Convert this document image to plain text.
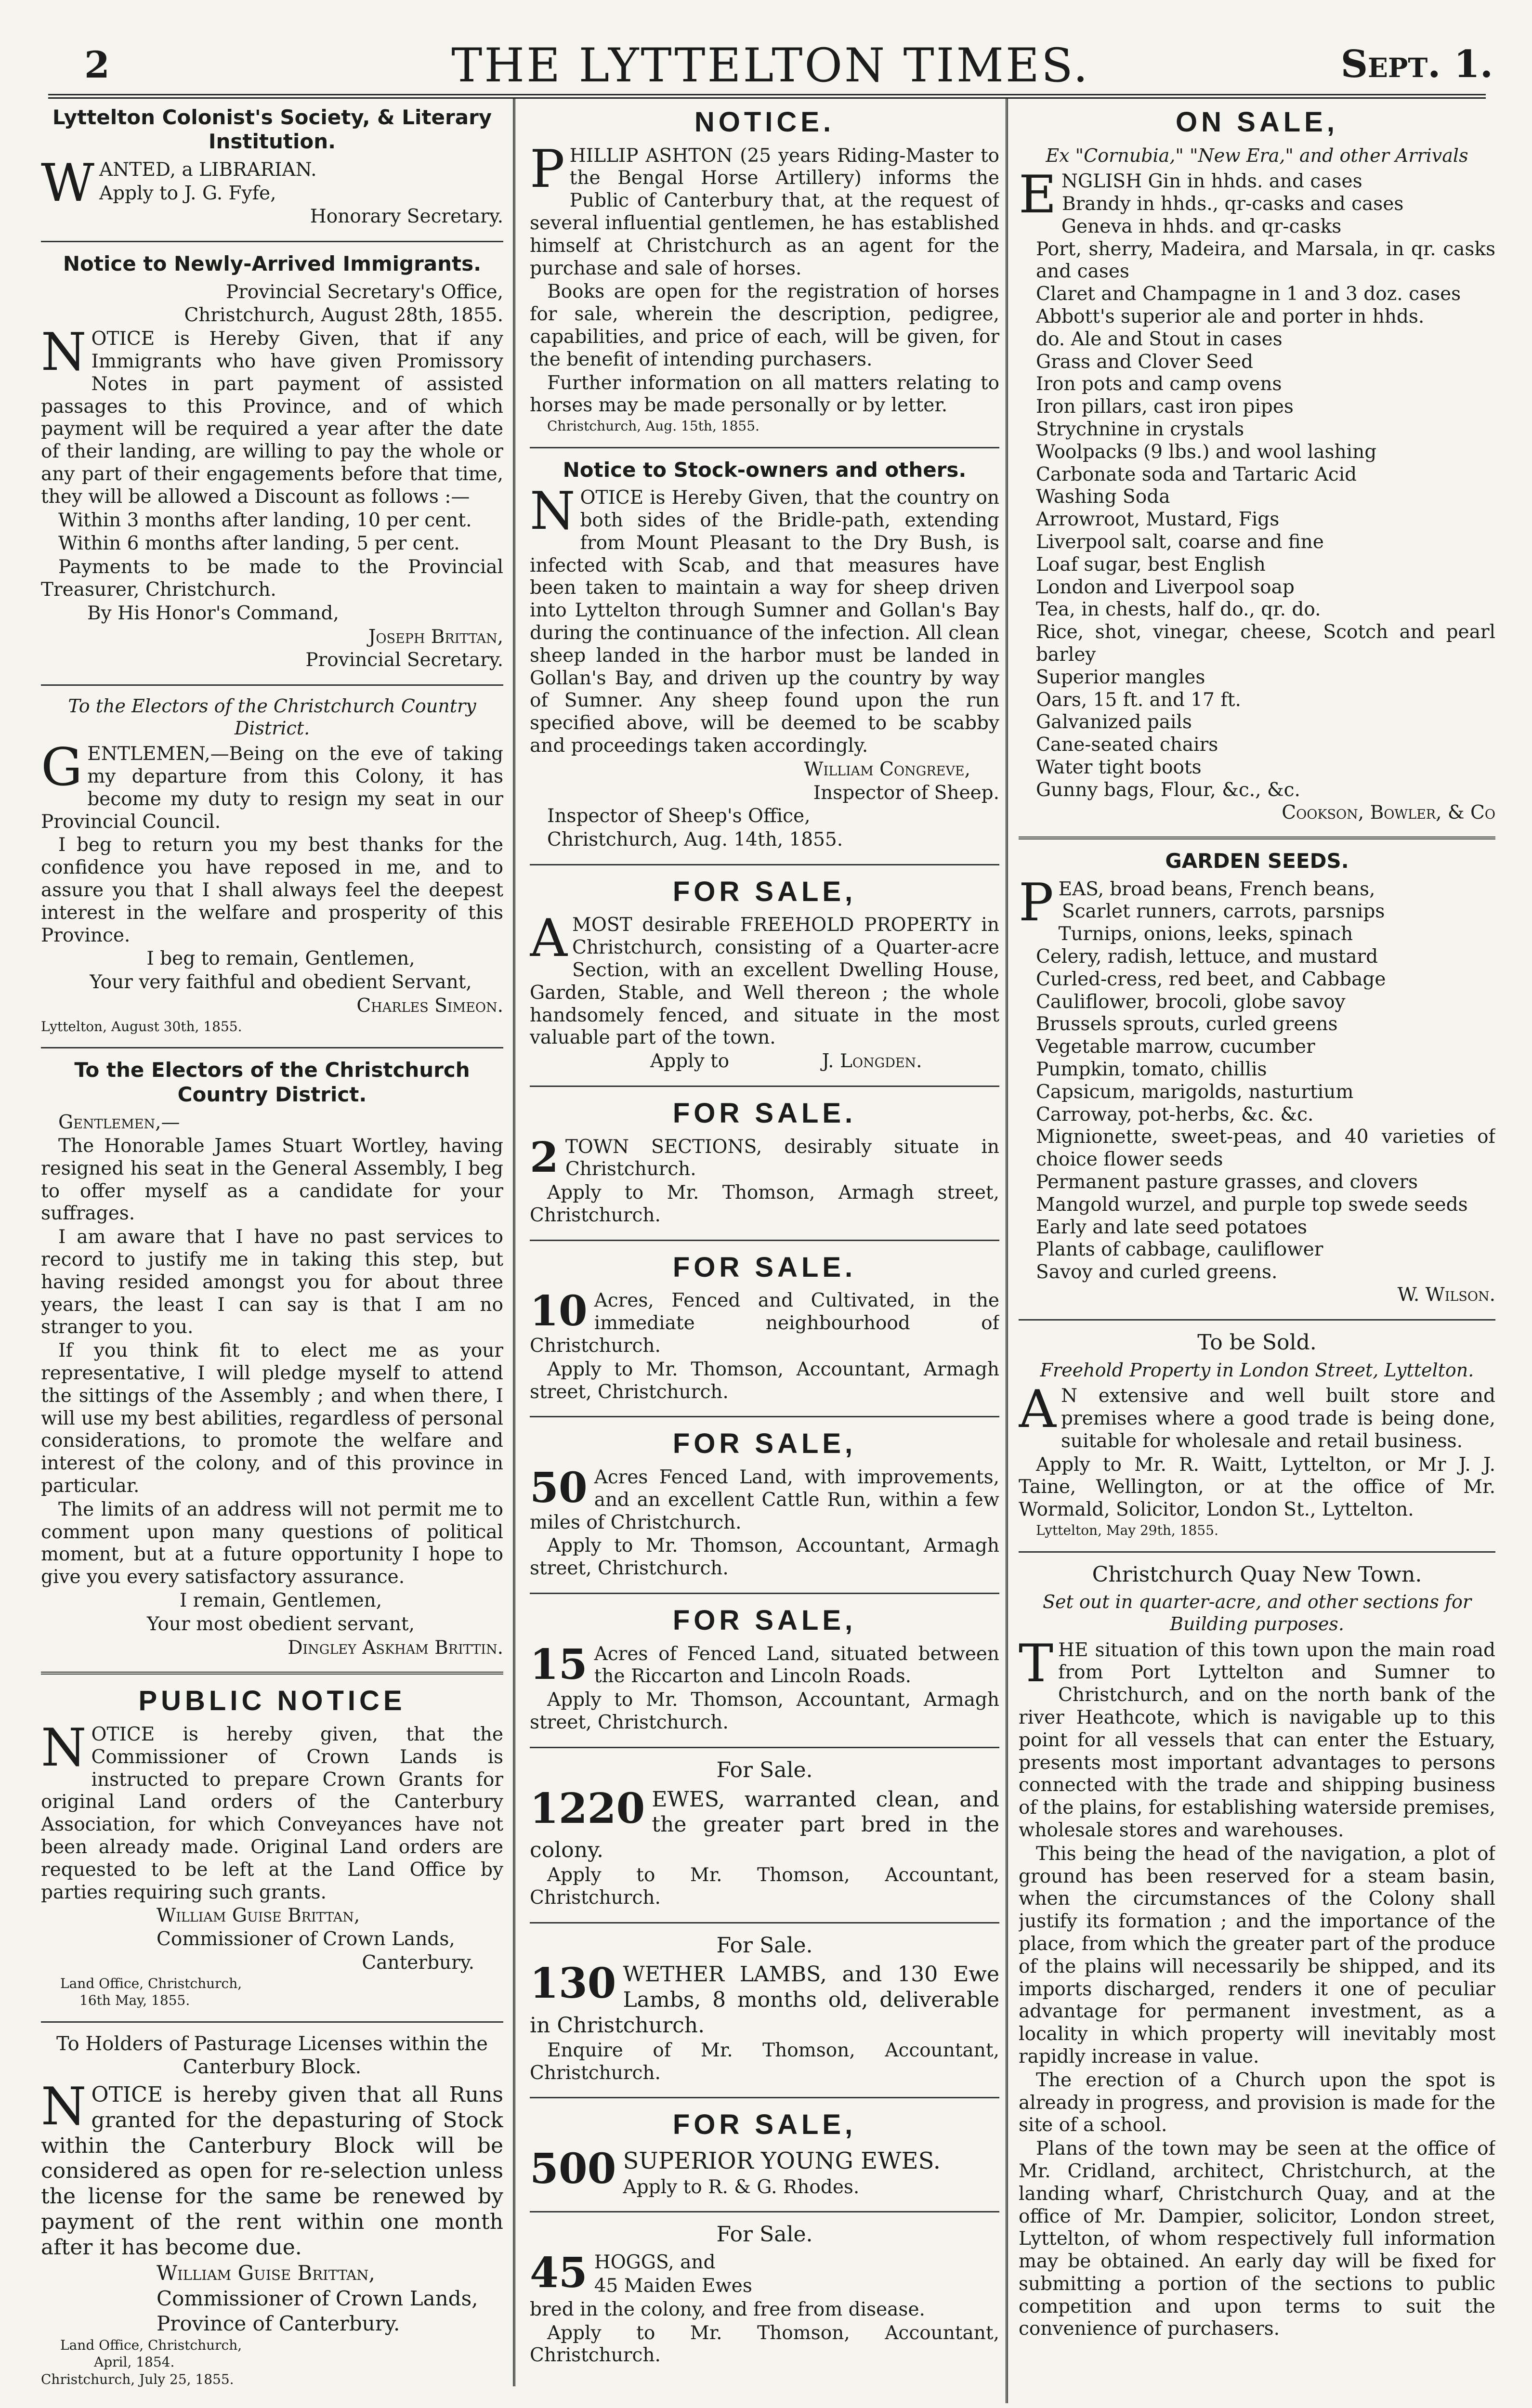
2	THE LYTTELTON TIMES.	Sept. 1.
Lyttelton Colonist's Society, & Literary Institution.
W ANTED, a LIBRARIAN.

Apply to J. G. Fyfe,

Honorary Secretary.

Notice to Newly-Arrived Immigrants.

Provincial Secretary's Office,

Christchurch, August 28th, 1855.

N OTICE is Hereby Given, that if any Immigrants who have given Promissory Notes in part payment of assisted passages to this Province, and of which payment will be required a year after the date of their landing, are willing to pay the whole or any part of their engagements before that time, they will be allowed a Discount as follows :—

Within 3 months after landing, 10 per cent.

Within 6 months after landing, 5 per cent.

Payments to be made to the Provincial Treasurer, Christchurch.

By His Honor's Command,

Joseph Brittan,

Provincial Secretary.

To the Electors of the Christchurch Country District.
G ENTLEMEN,—Being on the eve of taking my departure from this Colony, it has become my duty to resign my seat in our Provincial Council.

I beg to return you my best thanks for the confidence you have reposed in me, and to assure you that I shall always feel the deepest interest in the welfare and prosperity of this Province.

I beg to remain, Gentlemen,

Your very faithful and obedient Servant,

Charles Simeon.

Lyttelton, August 30th, 1855.

To the Electors of the Christchurch Country District.

Gentlemen,—

The Honorable James Stuart Wortley, having resigned his seat in the General Assembly, I beg to offer myself as a candidate for your suffrages.

I am aware that I have no past services to record to justify me in taking this step, but having resided amongst you for about three years, the least I can say is that I am no stranger to you.

If you think fit to elect me as your representative, I will pledge myself to attend the sittings of the Assembly ; and when there, I will use my best abilities, regardless of personal considerations, to promote the welfare and interest of the colony, and of this province in particular.

The limits of an address will not permit me to comment upon many questions of political moment, but at a future opportunity I hope to give you every satisfactory assurance.

I remain, Gentlemen,

Your most obedient servant,

Dingley Askham Brittin.

PUBLIC NOTICE
N OTICE is hereby given, that the Commissioner of Crown Lands is instructed to prepare Crown Grants for original Land orders of the Canterbury Association, for which Conveyances have not been already made. Original Land orders are requested to be left at the Land Office by parties requiring such grants.

William Guise Brittan,

Commissioner of Crown Lands,

Canterbury.

Land Office, Christchurch,

16th May, 1855.

To Holders of Pasturage Licenses within the Canterbury Block.
N OTICE is hereby given that all Runs granted for the depasturing of Stock within the Canterbury Block will be considered as open for re-selection unless the license for the same be renewed by payment of the rent within one month after it has become due.

William Guise Brittan,

Commissioner of Crown Lands,

Province of Canterbury.

Land Office, Christchurch,

April, 1854.

Christchurch, July 25, 1855.

NOTICE.
P HILLIP ASHTON (25 years Riding-Master to the Bengal Horse Artillery) informs the Public of Canterbury that, at the request of several influential gentlemen, he has established himself at Christchurch as an agent for the purchase and sale of horses.

Books are open for the registration of horses for sale, wherein the description, pedigree, capabilities, and price of each, will be given, for the benefit of intending purchasers.

Further information on all matters relating to horses may be made personally or by letter.

Christchurch, Aug. 15th, 1855.

Notice to Stock-owners and others.
N OTICE is Hereby Given, that the country on both sides of the Bridle-path, extending from Mount Pleasant to the Dry Bush, is infected with Scab, and that measures have been taken to maintain a way for sheep driven into Lyttelton through Sumner and Gollan's Bay during the continuance of the infection. All clean sheep landed in the harbor must be landed in Gollan's Bay, and driven up the country by way of Sumner. Any sheep found upon the run specified above, will be deemed to be scabby and proceedings taken accordingly.

William Congreve,

Inspector of Sheep.

Inspector of Sheep's Office,

Christchurch, Aug. 14th, 1855.

FOR SALE,
A MOST desirable FREEHOLD PROPERTY in Christchurch, consisting of a Quarter-acre Section, with an excellent Dwelling House, Garden, Stable, and Well thereon ; the whole handsomely fenced, and situate in the most valuable part of the town.

Apply to	J. Longden.

FOR SALE.
2 TOWN SECTIONS, desirably situate in Christchurch.

Apply to Mr. Thomson, Armagh street, Christchurch.

FOR SALE.
10 Acres, Fenced and Cultivated, in the immediate neighbourhood of Christchurch.

Apply to Mr. Thomson, Accountant, Armagh street, Christchurch.

FOR SALE,
50 Acres Fenced Land, with improvements, and an excellent Cattle Run, within a few miles of Christchurch.

Apply to Mr. Thomson, Accountant, Armagh street, Christchurch.

FOR SALE,
15 Acres of Fenced Land, situated between the Riccarton and Lincoln Roads.

Apply to Mr. Thomson, Accountant, Armagh street, Christchurch.

For Sale.
1220 EWES, warranted clean, and the greater part bred in the colony.

Apply to Mr. Thomson, Accountant, Christchurch.

For Sale.
130 WETHER LAMBS, and 130 Ewe Lambs, 8 months old, deliverable in Christchurch.

Enquire of Mr. Thomson, Accountant, Christchurch.

FOR SALE,
500 SUPERIOR YOUNG EWES.

Apply to R. & G. Rhodes.

For Sale.
45 HOGGS, and

45 Maiden Ewes

bred in the colony, and free from disease.

Apply to Mr. Thomson, Accountant, Christchurch.

ON SALE,
Ex "Cornubia," "New Era," and other Arrivals
E NGLISH Gin in hhds. and cases

Brandy in hhds., qr-casks and cases

Geneva in hhds. and qr-casks

Port, sherry, Madeira, and Marsala, in qr. casks and cases

Claret and Champagne in 1 and 3 doz. cases

Abbott's superior ale and porter in hhds.

do. Ale and Stout in cases

Grass and Clover Seed

Iron pots and camp ovens

Iron pillars, cast iron pipes

Strychnine in crystals

Woolpacks (9 lbs.) and wool lashing

Carbonate soda and Tartaric Acid

Washing Soda

Arrowroot, Mustard, Figs

Liverpool salt, coarse and fine

Loaf sugar, best English

London and Liverpool soap

Tea, in chests, half do., qr. do.

Rice, shot, vinegar, cheese, Scotch and pearl barley

Superior mangles

Oars, 15 ft. and 17 ft.

Galvanized pails

Cane-seated chairs

Water tight boots

Gunny bags, Flour, &c., &c.

Cookson, Bowler, & Co

GARDEN SEEDS.
P EAS, broad beans, French beans,

Scarlet runners, carrots, parsnips

Turnips, onions, leeks, spinach

Celery, radish, lettuce, and mustard

Curled-cress, red beet, and Cabbage

Cauliflower, brocoli, globe savoy

Brussels sprouts, curled greens

Vegetable marrow, cucumber

Pumpkin, tomato, chillis

Capsicum, marigolds, nasturtium

Carroway, pot-herbs, &c. &c.

Mignionette, sweet-peas, and 40 varieties of choice flower seeds

Permanent pasture grasses, and clovers

Mangold wurzel, and purple top swede seeds

Early and late seed potatoes

Plants of cabbage, cauliflower

Savoy and curled greens.

W. Wilson.

To be Sold.
Freehold Property in London Street, Lyttelton.
A N extensive and well built store and premises where a good trade is being done, suitable for wholesale and retail business.

Apply to Mr. R. Waitt, Lyttelton, or Mr J. J. Taine, Wellington, or at the office of Mr. Wormald, Solicitor, London St., Lyttelton.

Lyttelton, May 29th, 1855.

Christchurch Quay New Town.
Set out in quarter-acre, and other sections for Building purposes.
T HE situation of this town upon the main road from Port Lyttelton and Sumner to Christchurch, and on the north bank of the river Heathcote, which is navigable up to this point for all vessels that can enter the Estuary, presents most important advantages to persons connected with the trade and shipping business of the plains, for establishing waterside premises, wholesale stores and warehouses.

This being the head of the navigation, a plot of ground has been reserved for a steam basin, when the circumstances of the Colony shall justify its formation ; and the importance of the place, from which the greater part of the produce of the plains will necessarily be shipped, and its imports discharged, renders it one of peculiar advantage for permanent investment, as a locality in which property will inevitably most rapidly increase in value.

The erection of a Church upon the spot is already in progress, and provision is made for the site of a school.

Plans of the town may be seen at the office of Mr. Cridland, architect, Christchurch, at the landing wharf, Christchurch Quay, and at the office of Mr. Dampier, solicitor, London street, Lyttelton, of whom respectively full information may be obtained. An early day will be fixed for submitting a portion of the sections to public competition and upon terms to suit the convenience of purchasers.
